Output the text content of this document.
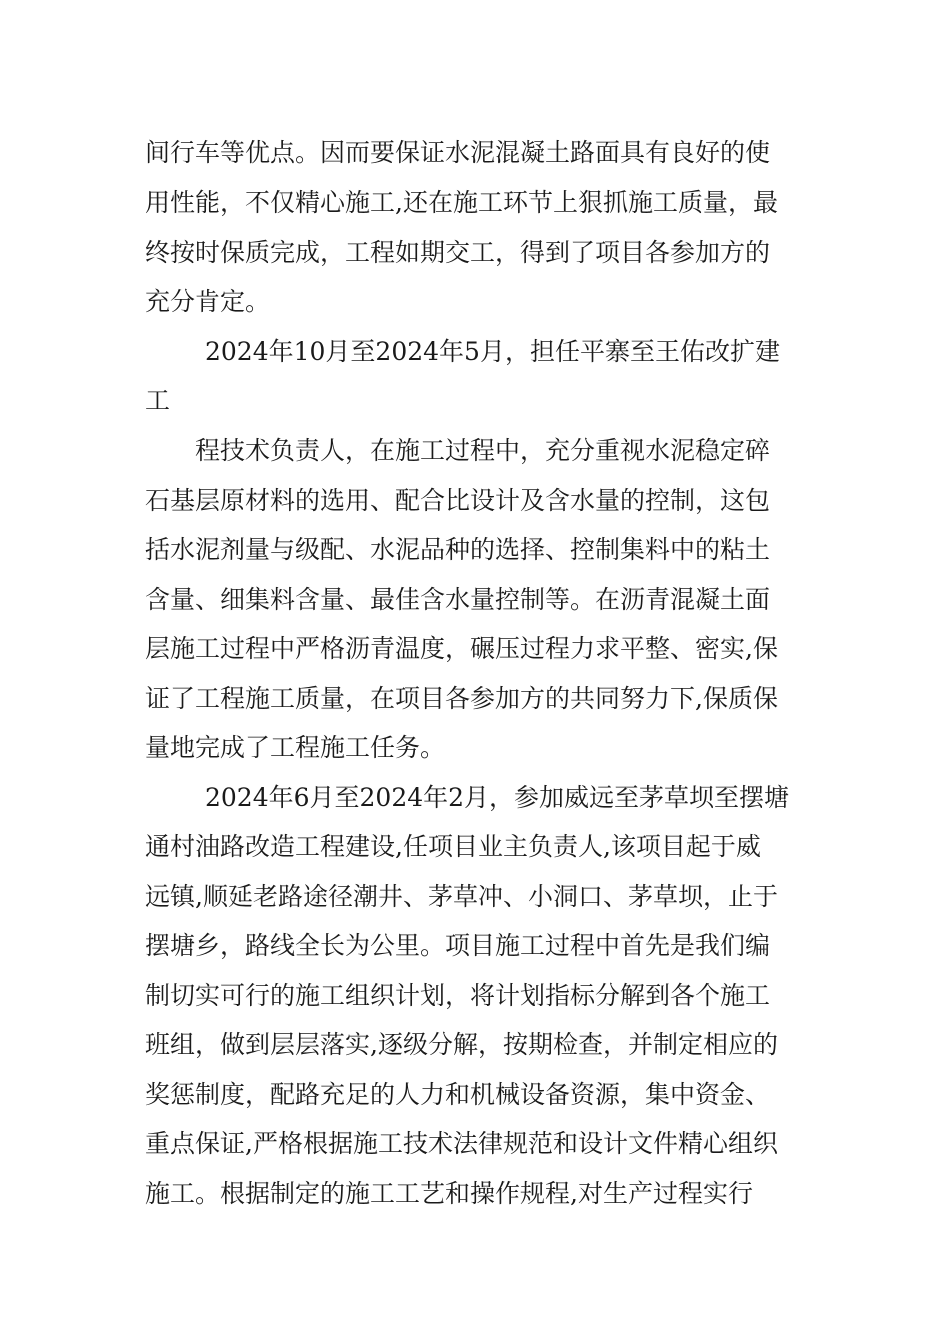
间行车等优点。因而要保证水泥混凝土路面具有良好的使
用性能，不仅精心施工,还在施工环节上狠抓施工质量，最
终按时保质完成，工程如期交工，得到了项目各参加方的
充分肯定。
2024年10月至2024年5月，担任平寨至王佑改扩建
工
程技术负责人，在施工过程中，充分重视水泥稳定碎
石基层原材料的选用、配合比设计及含水量的控制，这包
括水泥剂量与级配、水泥品种的选择、控制集料中的粘土
含量、细集料含量、最佳含水量控制等。在沥青混凝土面
层施工过程中严格沥青温度，碾压过程力求平整、密实,保
证了工程施工质量，在项目各参加方的共同努力下,保质保
量地完成了工程施工任务。
2024年6月至2024年2月，参加威远至茅草坝至摆塘
通村油路改造工程建设,任项目业主负责人,该项目起于威
远镇,顺延老路途径潮井、茅草冲、小洞口、茅草坝，止于
摆塘乡，路线全长为公里。项目施工过程中首先是我们编
制切实可行的施工组织计划，将计划指标分解到各个施工
班组，做到层层落实,逐级分解，按期检查，并制定相应的
奖惩制度，配路充足的人力和机械设备资源，集中资金、
重点保证,严格根据施工技术法律规范和设计文件精心组织
施工。根据制定的施工工艺和操作规程,对生产过程实行
